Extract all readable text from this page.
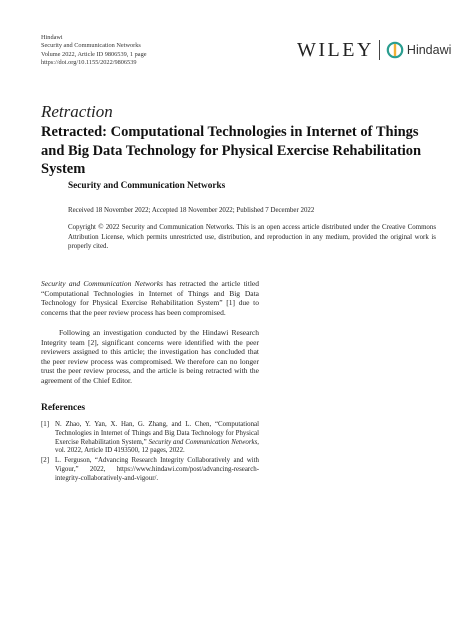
Hindawi
Security and Communication Networks
Volume 2022, Article ID 9806539, 1 page
https://doi.org/10.1155/2022/9806539
WILEY	Hindawi
Retraction
Retracted: Computational Technologies in Internet of Things and Big Data Technology for Physical Exercise Rehabilitation System
Security and Communication Networks
Received 18 November 2022; Accepted 18 November 2022; Published 7 December 2022
Copyright © 2022 Security and Communication Networks. This is an open access article distributed under the Creative Commons Attribution License, which permits unrestricted use, distribution, and reproduction in any medium, provided the original work is properly cited.

Security and Communication Networks has retracted the article titled “Computational Technologies in Internet of Things and Big Data Technology for Physical Exercise Rehabilitation System” [1] due to concerns that the peer review process has been compromised.

Following an investigation conducted by the Hindawi Research Integrity team [2], significant concerns were identified with the peer reviewers assigned to this article; the investigation has concluded that the peer review process was compromised. We therefore can no longer trust the peer review process, and the article is being retracted with the agreement of the Chief Editor.

References
[1] N. Zhao, Y. Yan, X. Han, G. Zhang, and L. Chen, “Computational Technologies in Internet of Things and Big Data Technology for Physical Exercise Rehabilitation System,” Security and Communication Networks, vol. 2022, Article ID 4193500, 12 pages, 2022.
[2] L. Ferguson, “Advancing Research Integrity Collaboratively and with Vigour,” 2022, https://www.hindawi.com/post/advancing-research-integrity-collaboratively-and-vigour/.
